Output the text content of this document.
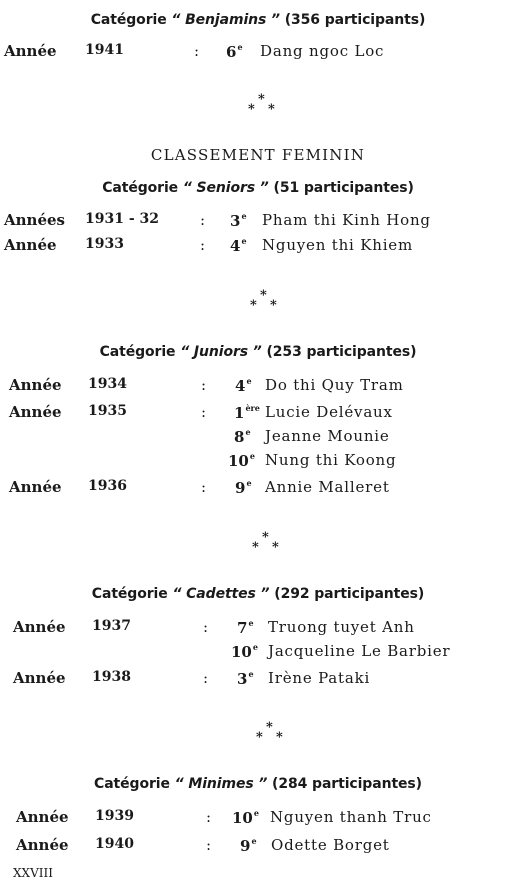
Catégorie “ Benjamins ” (356 participants)
Année 1941	: 6e Dang ngoc Loc
*
* *
CLASSEMENT FEMININ
Catégorie “ Seniors ” (51 participantes)
Années 1931 - 32	: 3e Pham thi Kinh Hong
Année 1933	: 4e Nguyen thi Khiem
*
* *
Catégorie “ Juniors ” (253 participantes)
Année 1934	: 4e Do thi Quy Tram
Année 1935	: 1ère Lucie Delévaux
8e Jeanne Mounie
10e Nung thi Koong
Année 1936	: 9e Annie Malleret
*
* *
Catégorie “ Cadettes ” (292 participantes)
Année 1937	: 7e Truong tuyet Anh
10e Jacqueline Le Barbier
Année 1938	: 3e Irène Pataki
*
* *
Catégorie “ Minimes ” (284 participantes)
Année 1939	: 10e Nguyen thanh Truc
Année 1940	: 9e Odette Borget
XXVIII
